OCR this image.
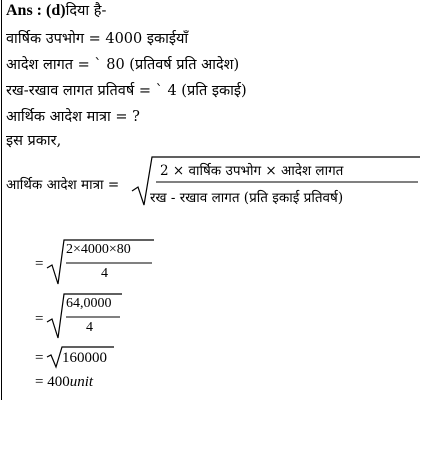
Ans : (d)दिया है-
वार्षिक उपभोग = 4000 इकाईयाँ
आदेश लागत = ` 80 (प्रतिवर्ष प्रति आदेश)
रख-रखाव लागत प्रतिवर्ष = ` 4 (प्रति इकाई)
आर्थिक आदेश मात्रा = ?
इस प्रकार,
आर्थिक आदेश मात्रा =
2 × वार्षिक उपभोग × आदेश लागत
रख - रखाव लागत (प्रति इकाई प्रतिवर्ष)
=
2×4000×80
4
=
64,0000
4
= 160000
= 400unit
